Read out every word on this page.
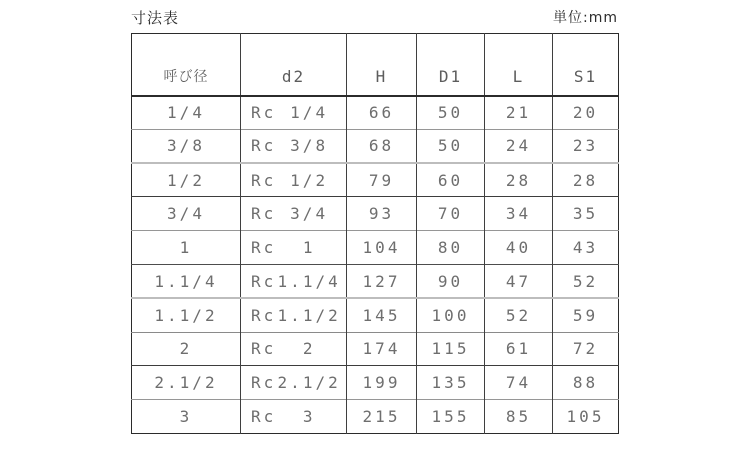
寸法表	単位:mm
呼び径	d2	H	D1	L	S1
1/4	Rc 1/4	66	50	21	20
3/8	Rc 3/8	68	50	24	23
1/2	Rc 1/2	79	60	28	28
3/4	Rc 3/4	93	70	34	35
1	Rc 1	104	80	40	43
1.1/4	Rc 1.1/4	127	90	47	52
1.1/2	Rc 1.1/2	145	100	52	59
2	Rc 2	174	115	61	72
2.1/2	Rc 2.1/2	199	135	74	88
3	Rc 3	215	155	85	105
